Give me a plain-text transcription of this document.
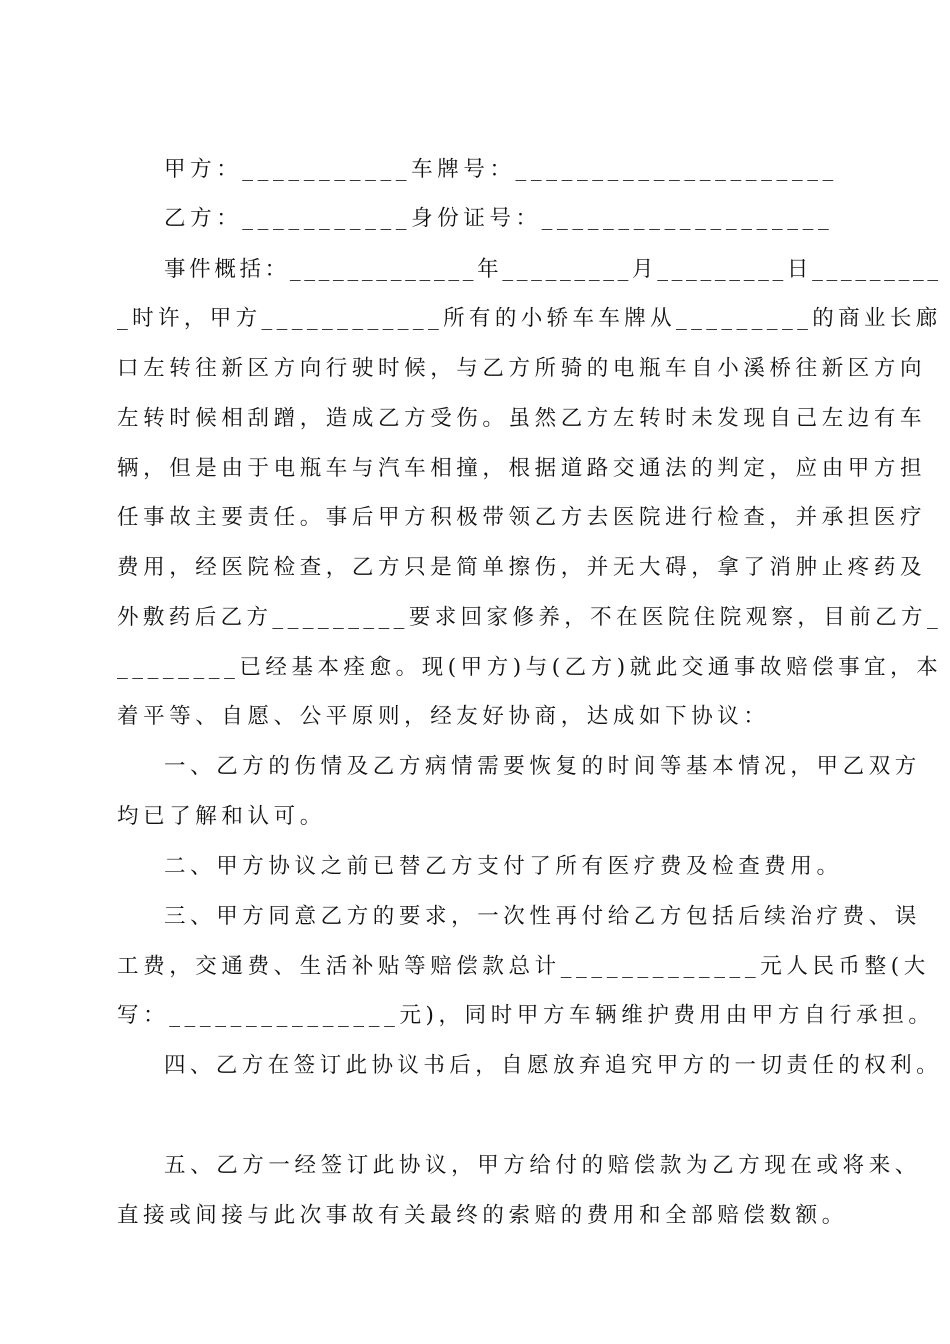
甲方：___________车牌号：_____________________
乙方：___________身份证号：___________________
事件概括：_____________年_________月_________日_________
_时许，甲方____________所有的小轿车车牌从_________的商业长廊
口左转往新区方向行驶时候，与乙方所骑的电瓶车自小溪桥往新区方向
左转时候相刮蹭，造成乙方受伤。虽然乙方左转时未发现自己左边有车
辆，但是由于电瓶车与汽车相撞，根据道路交通法的判定，应由甲方担
任事故主要责任。事后甲方积极带领乙方去医院进行检查，并承担医疗
费用，经医院检查，乙方只是简单擦伤，并无大碍，拿了消肿止疼药及
外敷药后乙方_________要求回家修养，不在医院住院观察，目前乙方_
________已经基本痊愈。现(甲方)与(乙方)就此交通事故赔偿事宜，本
着平等、自愿、公平原则，经友好协商，达成如下协议：
一、乙方的伤情及乙方病情需要恢复的时间等基本情况，甲乙双方
均已了解和认可。
二、甲方协议之前已替乙方支付了所有医疗费及检查费用。
三、甲方同意乙方的要求，一次性再付给乙方包括后续治疗费、误
工费，交通费、生活补贴等赔偿款总计_____________元人民币整(大
写：_______________元)，同时甲方车辆维护费用由甲方自行承担。
四、乙方在签订此协议书后，自愿放弃追究甲方的一切责任的权利。
五、乙方一经签订此协议，甲方给付的赔偿款为乙方现在或将来、
直接或间接与此次事故有关最终的索赔的费用和全部赔偿数额。
